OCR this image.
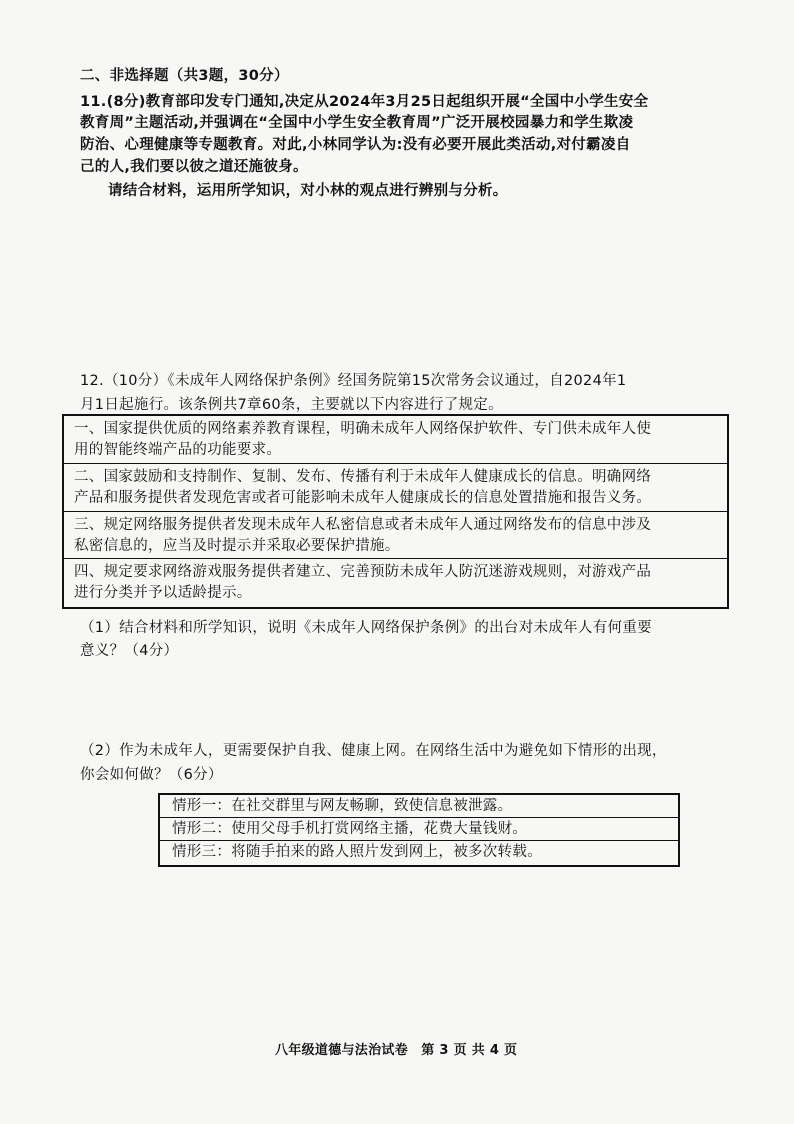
二、非选择题（共3题，30分）
11.(8分)教育部印发专门通知,决定从2024年3月25日起组织开展“全国中小学生安全
教育周”主题活动,并强调在“全国中小学生安全教育周”广泛开展校园暴力和学生欺凌
防治、心理健康等专题教育。对此,小林同学认为:没有必要开展此类活动,对付霸凌自
己的人,我们要以彼之道还施彼身。
请结合材料，运用所学知识，对小林的观点进行辨别与分析。
12.（10分）《未成年人网络保护条例》经国务院第15次常务会议通过，自2024年1
月1日起施行。该条例共7章60条，主要就以下内容进行了规定。
一、国家提供优质的网络素养教育课程，明确未成年人网络保护软件、专门供未成年人使
用的智能终端产品的功能要求。
二、国家鼓励和支持制作、复制、发布、传播有利于未成年人健康成长的信息。明确网络
产品和服务提供者发现危害或者可能影响未成年人健康成长的信息处置措施和报告义务。
三、规定网络服务提供者发现未成年人私密信息或者未成年人通过网络发布的信息中涉及
私密信息的，应当及时提示并采取必要保护措施。
四、规定要求网络游戏服务提供者建立、完善预防未成年人防沉迷游戏规则，对游戏产品
进行分类并予以适龄提示。
（1）结合材料和所学知识，说明《未成年人网络保护条例》的出台对未成年人有何重要
意义？（4分）
（2）作为未成年人，更需要保护自我、健康上网。在网络生活中为避免如下情形的出现，
你会如何做？（6分）
情形一：在社交群里与网友畅聊，致使信息被泄露。
情形二：使用父母手机打赏网络主播，花费大量钱财。
情形三：将随手拍来的路人照片发到网上，被多次转载。
八年级道德与法治试卷　第 3 页 共 4 页
